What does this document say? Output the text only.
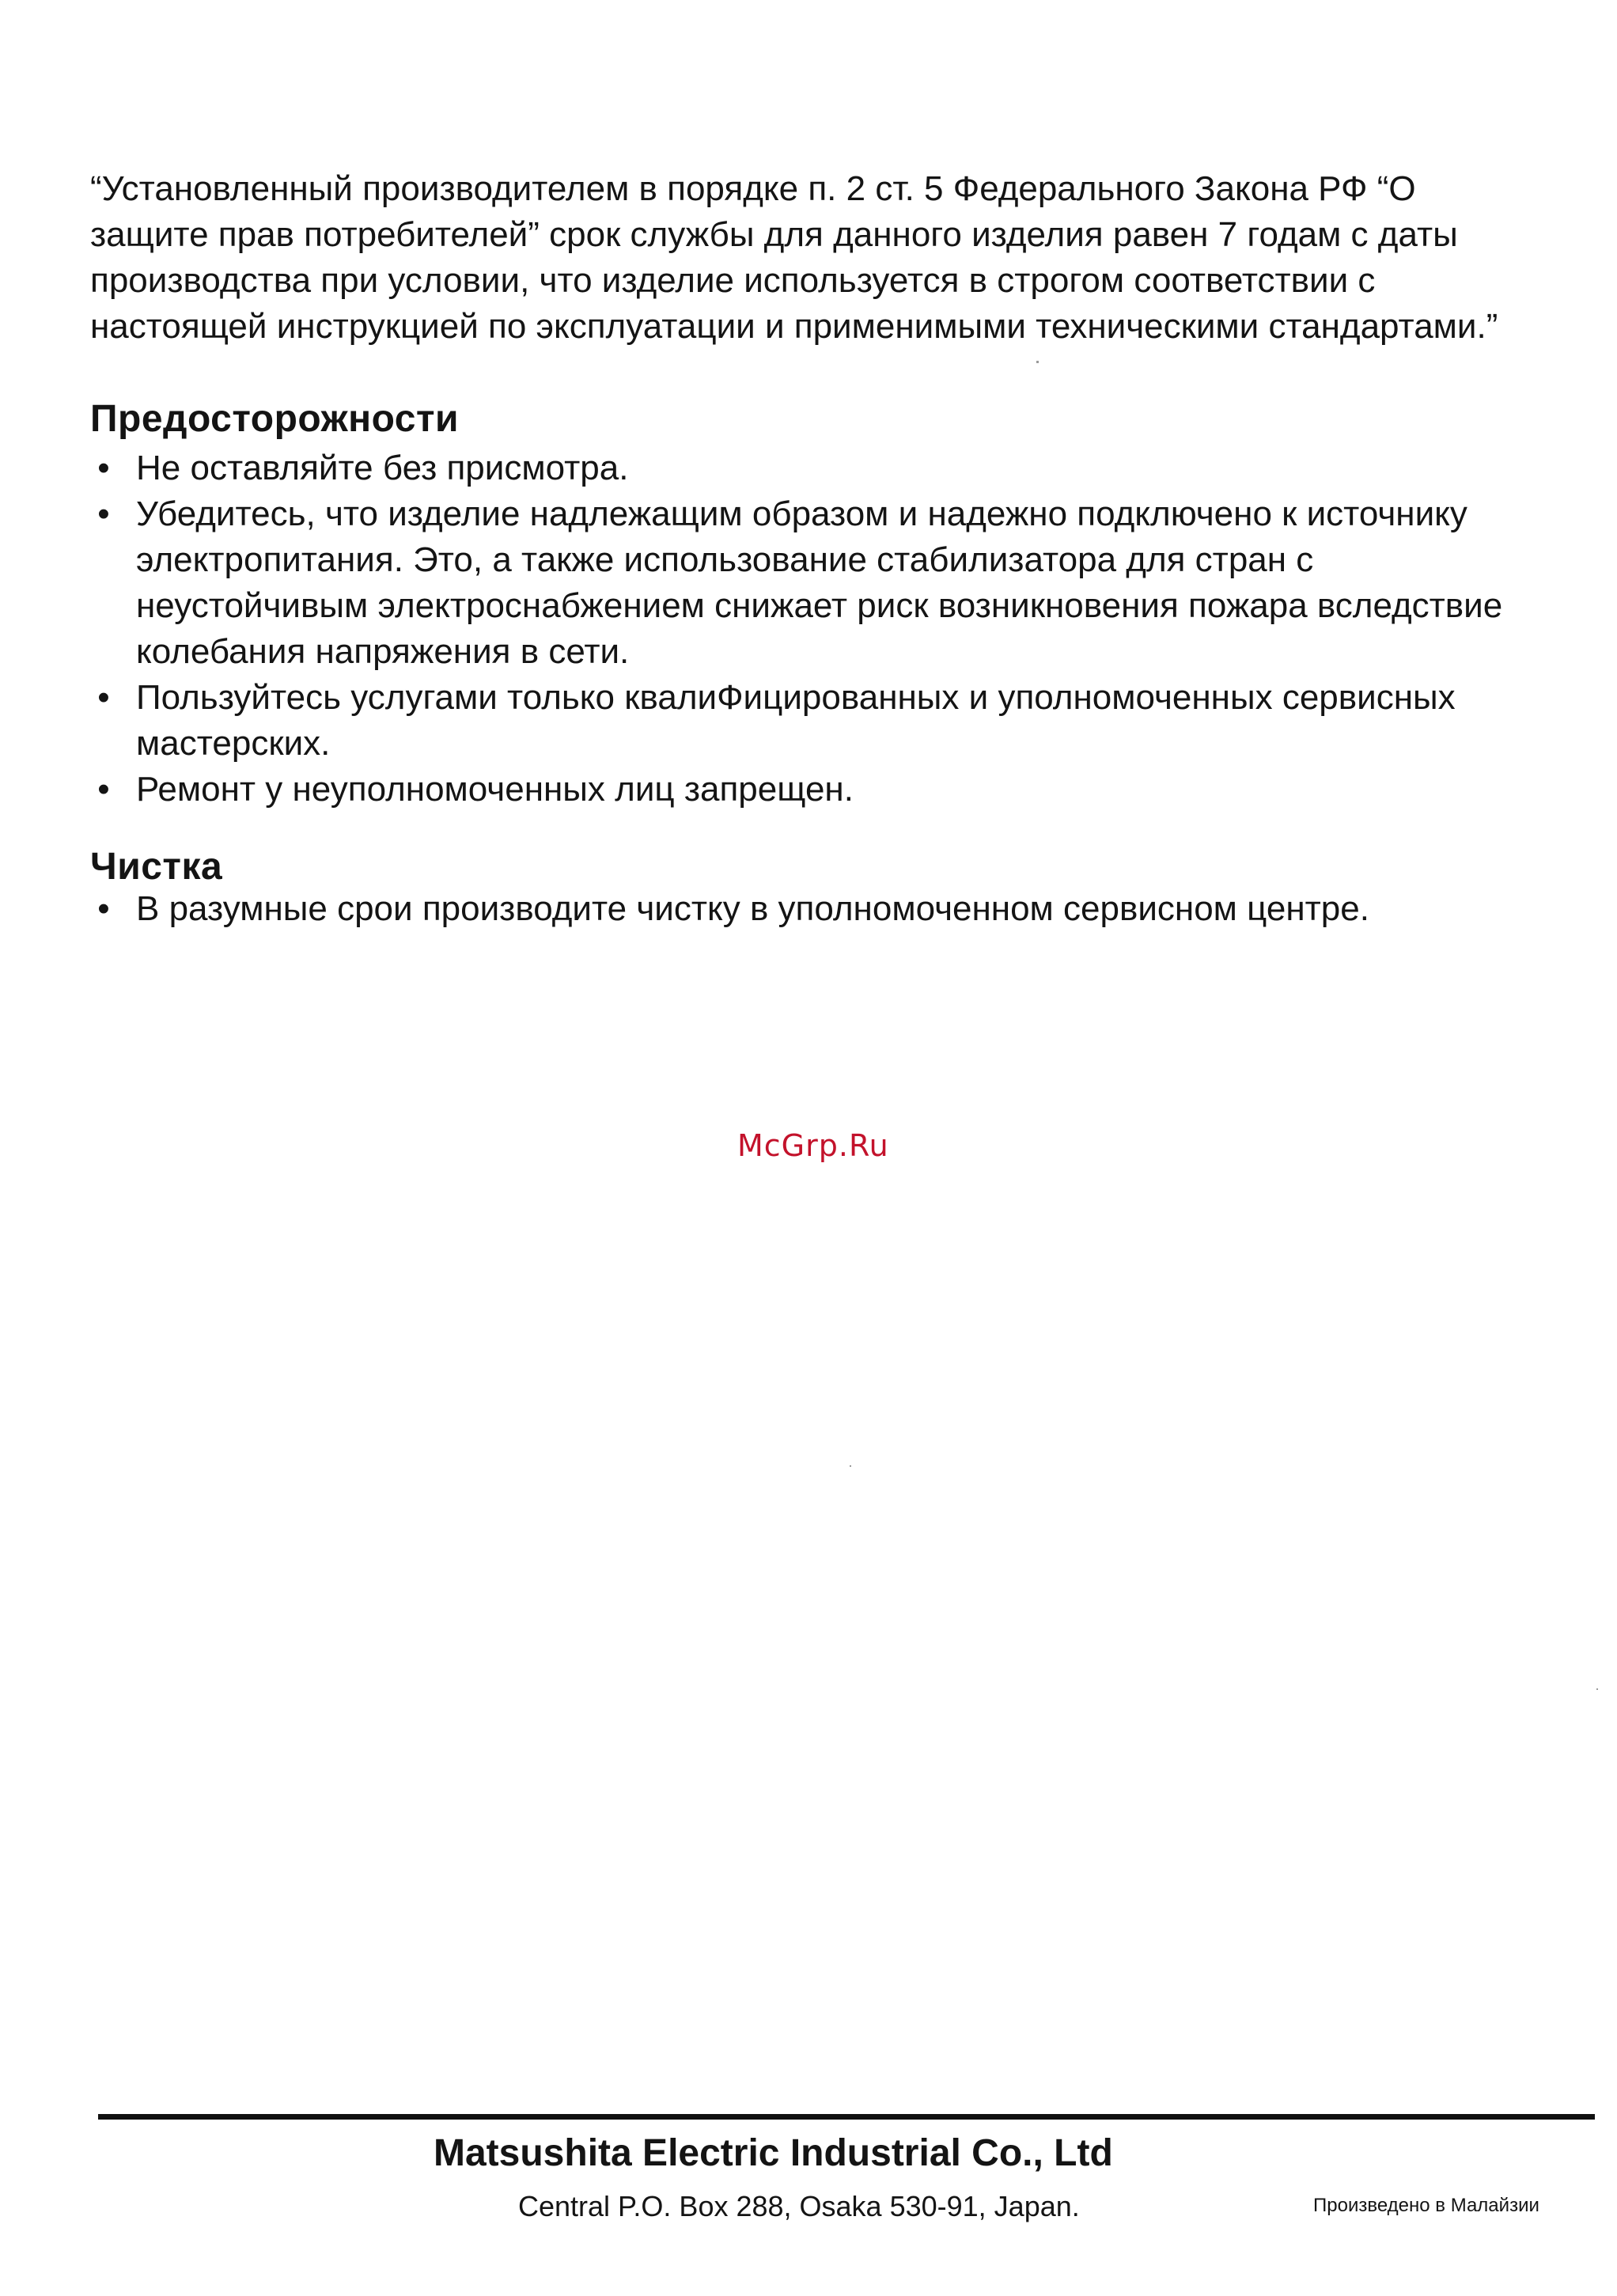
“Установленный производителем в порядке п. 2 ст. 5 Федерального Закона РФ “О
защите прав потребителей” срок службы для данного изделия равен 7 годам с даты
производства при условии, что изделие используется в строгом соответствии с
настоящей инструкцией по эксплуатации и применимыми техническими стандартами.”

Предосторожности
• Не оставляйте без присмотра.
• Убедитесь, что изделие надлежащим образом и надежно подключено к источнику
электропитания. Это, а также использование стабилизатора для стран с
неустойчивым электроснабжением снижает риск возникновения пожара вследствие
колебания напряжения в сети.
• Пользуйтесь услугами только квалиФицированных и уполномоченных сервисных
мастерских.
• Ремонт у неуполномоченных лиц запрещен.
Чистка
• В разумные срои производите чистку в уполномоченном сервисном центре.
McGrp.Ru
Matsushita Electric Industrial Co., Ltd
Central P.O. Box 288, Osaka 530-91, Japan.	Произведено в Малайзии
